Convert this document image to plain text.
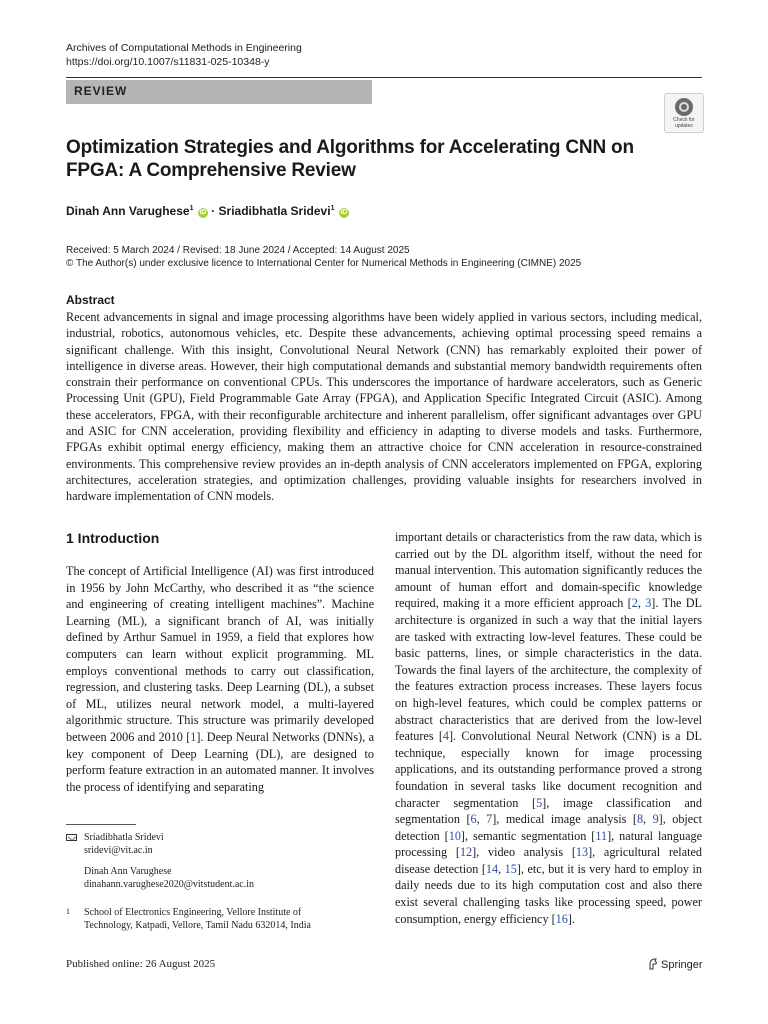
Archives of Computational Methods in Engineering
https://doi.org/10.1007/s11831-025-10348-y
REVIEW
Check for
updates
Optimization Strategies and Algorithms for Accelerating CNN on FPGA: A Comprehensive Review
Dinah Ann Varughese$^1$ iD · Sriadibhatla Sridevi$^1$ iD
Received: 5 March 2024 / Revised: 18 June 2024 / Accepted: 14 August 2025
© The Author(s) under exclusive licence to International Center for Numerical Methods in Engineering (CIMNE) 2025
Abstract
Recent advancements in signal and image processing algorithms have been widely applied in various sectors, including medical, industrial, robotics, autonomous vehicles, etc. Despite these advancements, achieving optimal processing speed remains a significant challenge. With this insight, Convolutional Neural Network (CNN) has remarkably exploited their power of intelligence in diverse areas. However, their high computational demands and substantial memory bandwidth requirements often constrain their performance on conventional CPUs. This underscores the importance of hardware accelerators, such as Generic Processing Unit (GPU), Field Programmable Gate Array (FPGA), and Application Specific Integrated Circuit (ASIC). Among these accelerators, FPGA, with their reconfigurable architecture and inherent parallelism, offer significant advantages over GPU and ASIC for CNN acceleration, providing flexibility and efficiency in adapting to diverse models and tasks. Furthermore, FPGAs exhibit optimal energy efficiency, making them an attractive choice for CNN acceleration in resource-constrained environments. This comprehensive review provides an in-depth analysis of CNN accelerators implemented on FPGA, exploring architectures, acceleration strategies, and optimization challenges, providing valuable insights for researchers involved in hardware implementation of CNN models.
1 Introduction
The concept of Artificial Intelligence (AI) was first introduced in 1956 by John McCarthy, who described it as “the science and engineering of creating intelligent machines”. Machine Learning (ML), a significant branch of AI, was initially defined by Arthur Samuel in 1959, a field that explores how computers can learn without explicit programming. ML employs conventional methods to carry out classification, regression, and clustering tasks. Deep Learning (DL), a subset of ML, utilizes neural network model, a multi-layered algorithmic structure. This structure was primarily developed between 2006 and 2010 [1]. Deep Neural Networks (DNNs), a key component of Deep Learning (DL), are designed to perform feature extraction in an automated manner. It involves the process of identifying and separating
important details or characteristics from the raw data, which is carried out by the DL algorithm itself, without the need for manual intervention. This automation significantly reduces the amount of human effort and domain-specific knowledge required, making it a more efficient approach [2, 3]. The DL architecture is organized in such a way that the initial layers are tasked with extracting low-level features. These could be basic patterns, lines, or simple characteristics in the data. Towards the final layers of the architecture, the complexity of the features extraction process increases. These layers focus on high-level features, which could be complex patterns or abstract characteristics that are derived from the low-level features [4]. Convolutional Neural Network (CNN) is a DL technique, especially known for image processing applications, and its outstanding performance proved a strong foundation in several tasks like document recognition and character segmentation [5], image classification and segmentation [6, 7], medical image analysis [8, 9], object detection [10], semantic segmentation [11], natural language processing [12], video analysis [13], agricultural related disease detection [14, 15], etc, but it is very hard to employ in daily needs due to its high computation cost and also there exist several challenging tasks like processing speed, power consumption, energy efficiency [16].
Sriadibhatla Sridevi
sridevi@vit.ac.in
Dinah Ann Varughese
dinahann.varughese2020@vitstudent.ac.in
1 School of Electronics Engineering, Vellore Institute of Technology, Katpadi, Vellore, Tamil Nadu 632014, India
Published online: 26 August 2025	Springer
